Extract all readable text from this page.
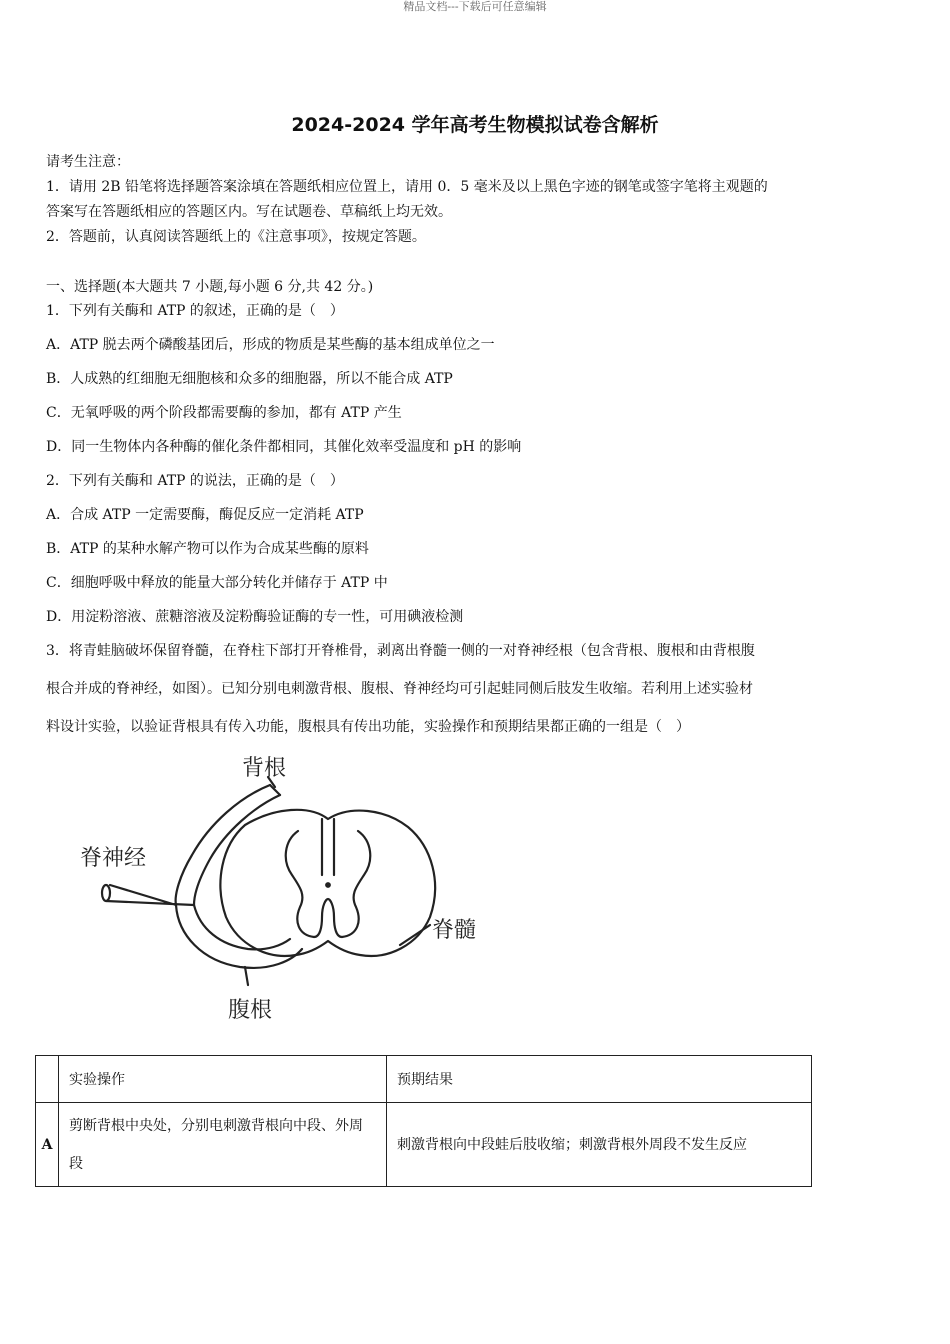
精品文档---下载后可任意编辑
2024-2024 学年高考生物模拟试卷含解析
请考生注意：
1．请用 2B 铅笔将选择题答案涂填在答题纸相应位置上，请用 0．5 毫米及以上黑色字迹的钢笔或签字笔将主观题的
答案写在答题纸相应的答题区内。写在试题卷、草稿纸上均无效。
2．答题前，认真阅读答题纸上的《注意事项》，按规定答题。
一、选择题(本大题共 7 小题,每小题 6 分,共 42 分。)
1．下列有关酶和 ATP 的叙述，正确的是（　）
A．ATP 脱去两个磷酸基团后，形成的物质是某些酶的基本组成单位之一
B．人成熟的红细胞无细胞核和众多的细胞器，所以不能合成 ATP
C．无氧呼吸的两个阶段都需要酶的参加，都有 ATP 产生
D．同一生物体内各种酶的催化条件都相同，其催化效率受温度和 pH 的影响
2．下列有关酶和 ATP 的说法，正确的是（　）
A．合成 ATP 一定需要酶，酶促反应一定消耗 ATP
B．ATP 的某种水解产物可以作为合成某些酶的原料
C．细胞呼吸中释放的能量大部分转化并储存于 ATP 中
D．用淀粉溶液、蔗糖溶液及淀粉酶验证酶的专一性，可用碘液检测
3．将青蛙脑破坏保留脊髓，在脊柱下部打开脊椎骨，剥离出脊髓一侧的一对脊神经根（包含背根、腹根和由背根腹
根合并成的脊神经，如图）。已知分别电刺激背根、腹根、脊神经均可引起蛙同侧后肢发生收缩。若利用上述实验材
料设计实验，以验证背根具有传入功能，腹根具有传出功能，实验操作和预期结果都正确的一组是（　）
背根
脊神经
脊髓
腹根
	实验操作	预期结果
A	剪断背根中央处，分别电刺激背根向中段、外周段	刺激背根向中段蛙后肢收缩；刺激背根外周段不发生反应
